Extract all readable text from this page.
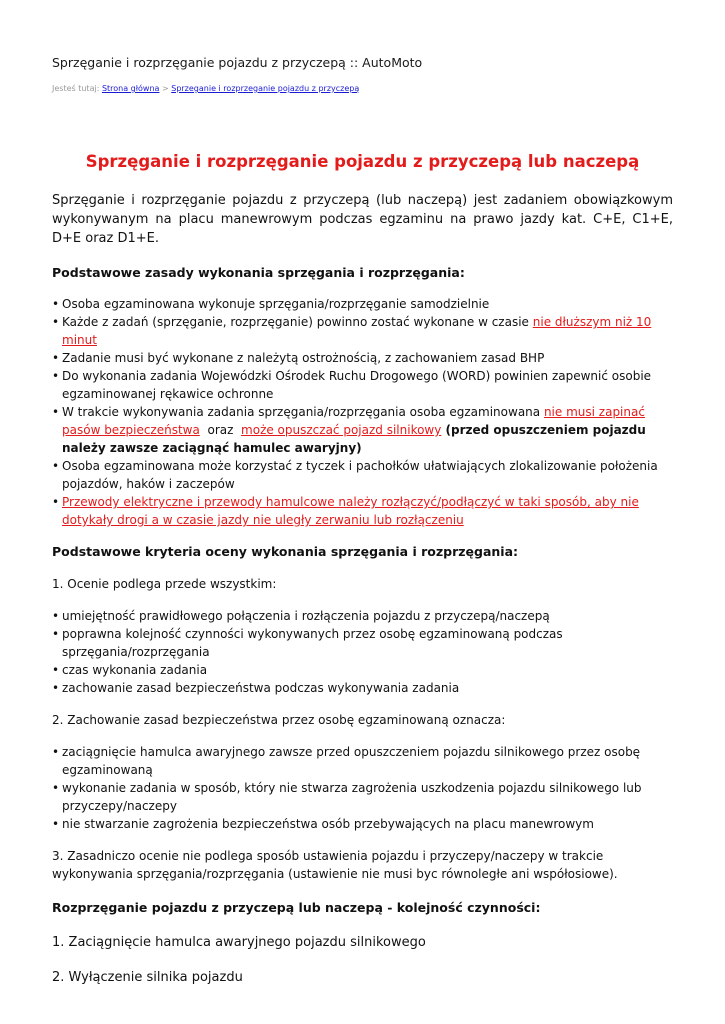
Sprzęganie i rozprzęganie pojazdu z przyczepą :: AutoMoto
Jesteś tutaj: Strona główna > Sprzeganie i rozprzeganie pojazdu z przyczepą
Sprzęganie i rozprzęganie pojazdu z przyczepą lub naczepą

Sprzęganie i rozprzęganie pojazdu z przyczepą (lub naczepą) jest zadaniem obowiązkowym wykonywanym na placu manewrowym podczas egzaminu na prawo jazdy kat. C+E, C1+E, D+E oraz D1+E.

Podstawowe zasady wykonania sprzęgania i rozprzęgania:
• Osoba egzaminowana wykonuje sprzęgania/rozprzęganie samodzielnie
• Każde z zadań (sprzęganie, rozprzęganie) powinno zostać wykonane w czasie nie dłuższym niż 10 minut
• Zadanie musi być wykonane z należytą ostrożnością, z zachowaniem zasad BHP
• Do wykonania zadania Wojewódzki Ośrodek Ruchu Drogowego (WORD) powinien zapewnić osobie egzaminowanej rękawice ochronne
• W trakcie wykonywania zadania sprzęgania/rozprzęgania osoba egzaminowana nie musi zapinać pasów bezpieczeństwa  oraz  może opuszczać pojazd silnikowy (przed opuszczeniem pojazdu należy zawsze zaciągnąć hamulec awaryjny)
• Osoba egzaminowana może korzystać z tyczek i pachołków ułatwiających zlokalizowanie położenia pojazdów, haków i zaczepów
• Przewody elektryczne i przewody hamulcowe należy rozłączyć/podłączyć w taki sposób, aby nie dotykały drogi a w czasie jazdy nie uległy zerwaniu lub rozłączeniu
Podstawowe kryteria oceny wykonania sprzęgania i rozprzęgania:

1. Ocenie podlega przede wszystkim:

• umiejętność prawidłowego połączenia i rozłączenia pojazdu z przyczepą/naczepą
• poprawna kolejność czynności wykonywanych przez osobę egzaminowaną podczas sprzęgania/rozprzęgania
• czas wykonania zadania
• zachowanie zasad bezpieczeństwa podczas wykonywania zadania

2. Zachowanie zasad bezpieczeństwa przez osobę egzaminowaną oznacza:

• zaciągnięcie hamulca awaryjnego zawsze przed opuszczeniem pojazdu silnikowego przez osobę egzaminowaną
• wykonanie zadania w sposób, który nie stwarza zagrożenia uszkodzenia pojazdu silnikowego lub przyczepy/naczepy
• nie stwarzanie zagrożenia bezpieczeństwa osób przebywających na placu manewrowym

3. Zasadniczo ocenie nie podlega sposób ustawienia pojazdu i przyczepy/naczepy w trakcie wykonywania sprzęgania/rozprzęgania (ustawienie nie musi byc równoległe ani współosiowe).

Rozprzęganie pojazdu z przyczepą lub naczepą - kolejność czynności:

1. Zaciągnięcie hamulca awaryjnego pojazdu silnikowego

2. Wyłączenie silnika pojazdu
